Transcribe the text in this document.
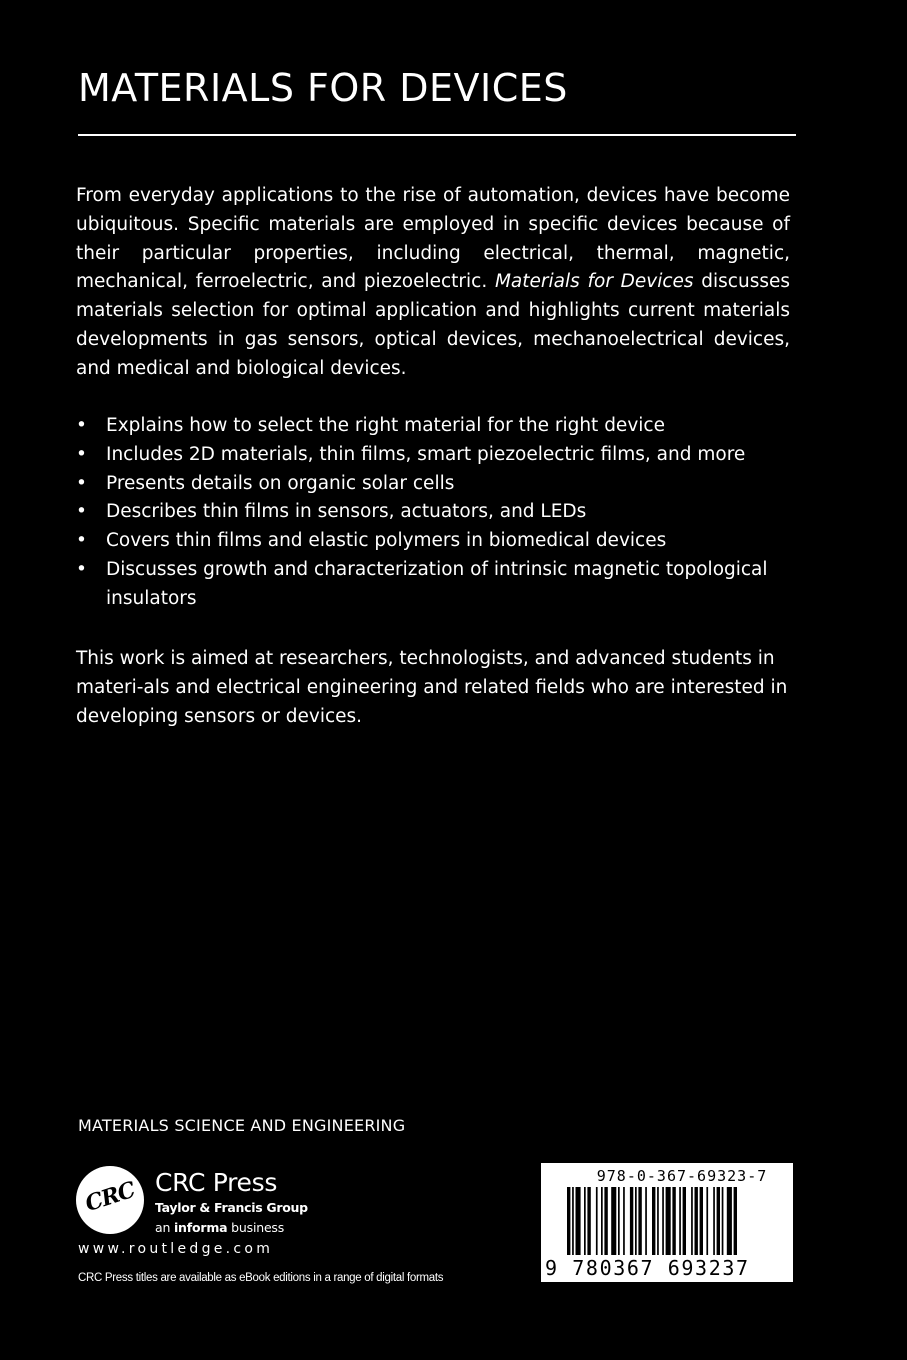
MATERIALS FOR DEVICES

From everyday applications to the rise of automation, devices have become ubiquitous. Specific materials are employed in specific devices because of their particular properties, including electrical, thermal, magnetic, mechanical, ferroelectric, and piezoelectric. Materials for Devices discusses materials selection for optimal application and highlights current materials developments in gas sensors, optical devices, mechanoelectrical devices, and medical and biological devices.

• Explains how to select the right material for the right device
• Includes 2D materials, thin films, smart piezoelectric films, and more
• Presents details on organic solar cells
• Describes thin films in sensors, actuators, and LEDs
• Covers thin films and elastic polymers in biomedical devices
• Discusses growth and characterization of intrinsic magnetic topological insulators

This work is aimed at researchers, technologists, and advanced students in materi-als and electrical engineering and related fields who are interested in developing sensors or devices.

MATERIALS SCIENCE AND ENGINEERING
CRC CRC Press
Taylor & Francis Group
an informa business
www.routledge.com
CRC Press titles are available as eBook editions in a range of digital formats
978-0-367-69323-7
9 780367 693237
